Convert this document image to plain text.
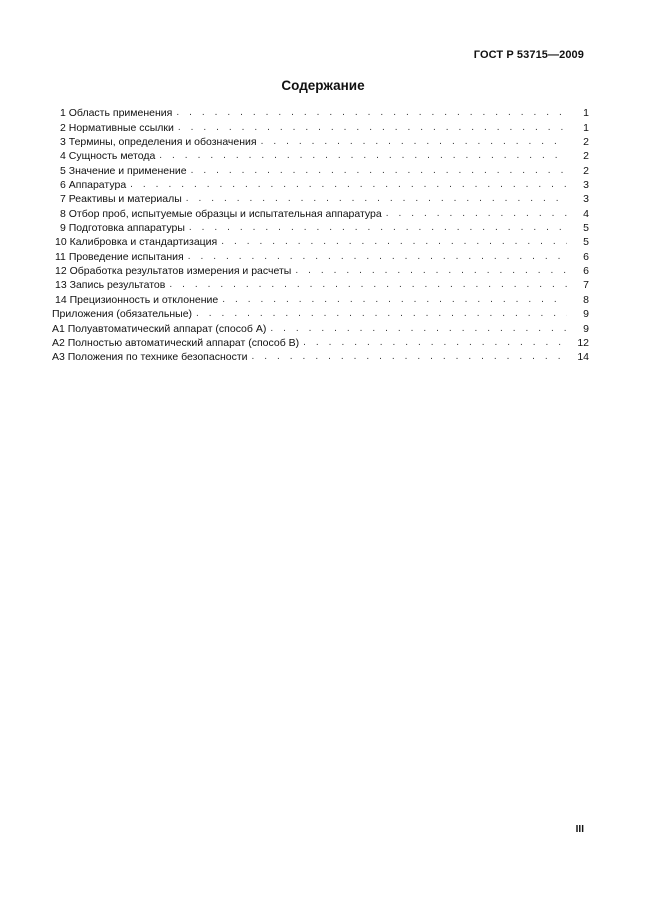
ГОСТ Р 53715—2009
Содержание
1 Область применения . . .	1
2 Нормативные ссылки . . .	1
3 Термины, определения и обозначения . . .	2
4 Сущность метода . . .	2
5 Значение и применение . . .	2
6 Аппаратура . . .	3
7 Реактивы и материалы . . .	3
8 Отбор проб, испытуемые образцы и испытательная аппаратура . . .	4
9 Подготовка аппаратуры . . .	5
10 Калибровка и стандартизация . . .	5
11 Проведение испытания . . .	6
12 Обработка результатов измерения и расчеты . . .	6
13 Запись результатов . . .	7
14 Прецизионность и отклонение . . .	8
Приложения (обязательные) . . .	9
А1 Полуавтоматический аппарат (способ А) . . .	9
А2 Полностью автоматический аппарат (способ В) . . .	12
А3 Положения по технике безопасности . . .	14
III
